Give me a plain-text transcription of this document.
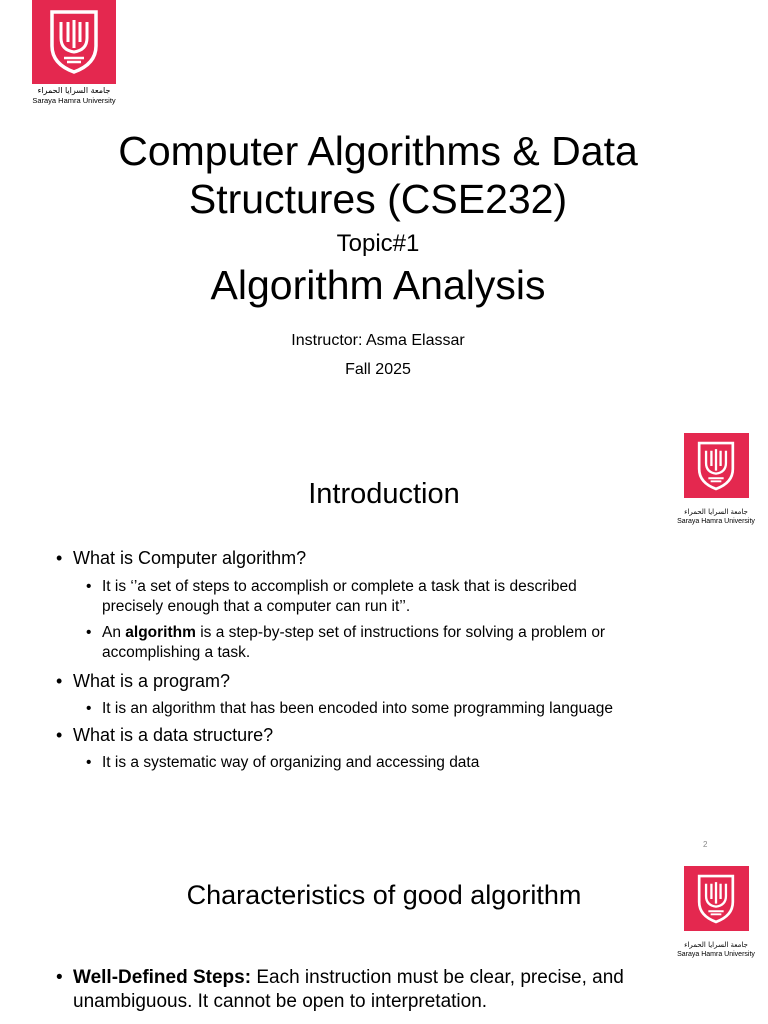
جامعة السرايا الحمراء
Saraya Hamra University
Computer Algorithms & Data
Structures (CSE232)
Topic#1
Algorithm Analysis
Instructor: Asma Elassar
Fall 2025
جامعة السرايا الحمراء
Saraya Hamra University
Introduction
• What is Computer algorithm?
• It is ‘’a set of steps to accomplish or complete a task that is described
precisely enough that a computer can run it’’.
• An algorithm is a step-by-step set of instructions for solving a problem or
accomplishing a task.
• What is a program?
• It is an algorithm that has been encoded into some programming language
• What is a data structure?
• It is a systematic way of organizing and accessing data
2
جامعة السرايا الحمراء
Saraya Hamra University
Characteristics of good algorithm
• Well-Defined Steps: Each instruction must be clear, precise, and
unambiguous. It cannot be open to interpretation.
